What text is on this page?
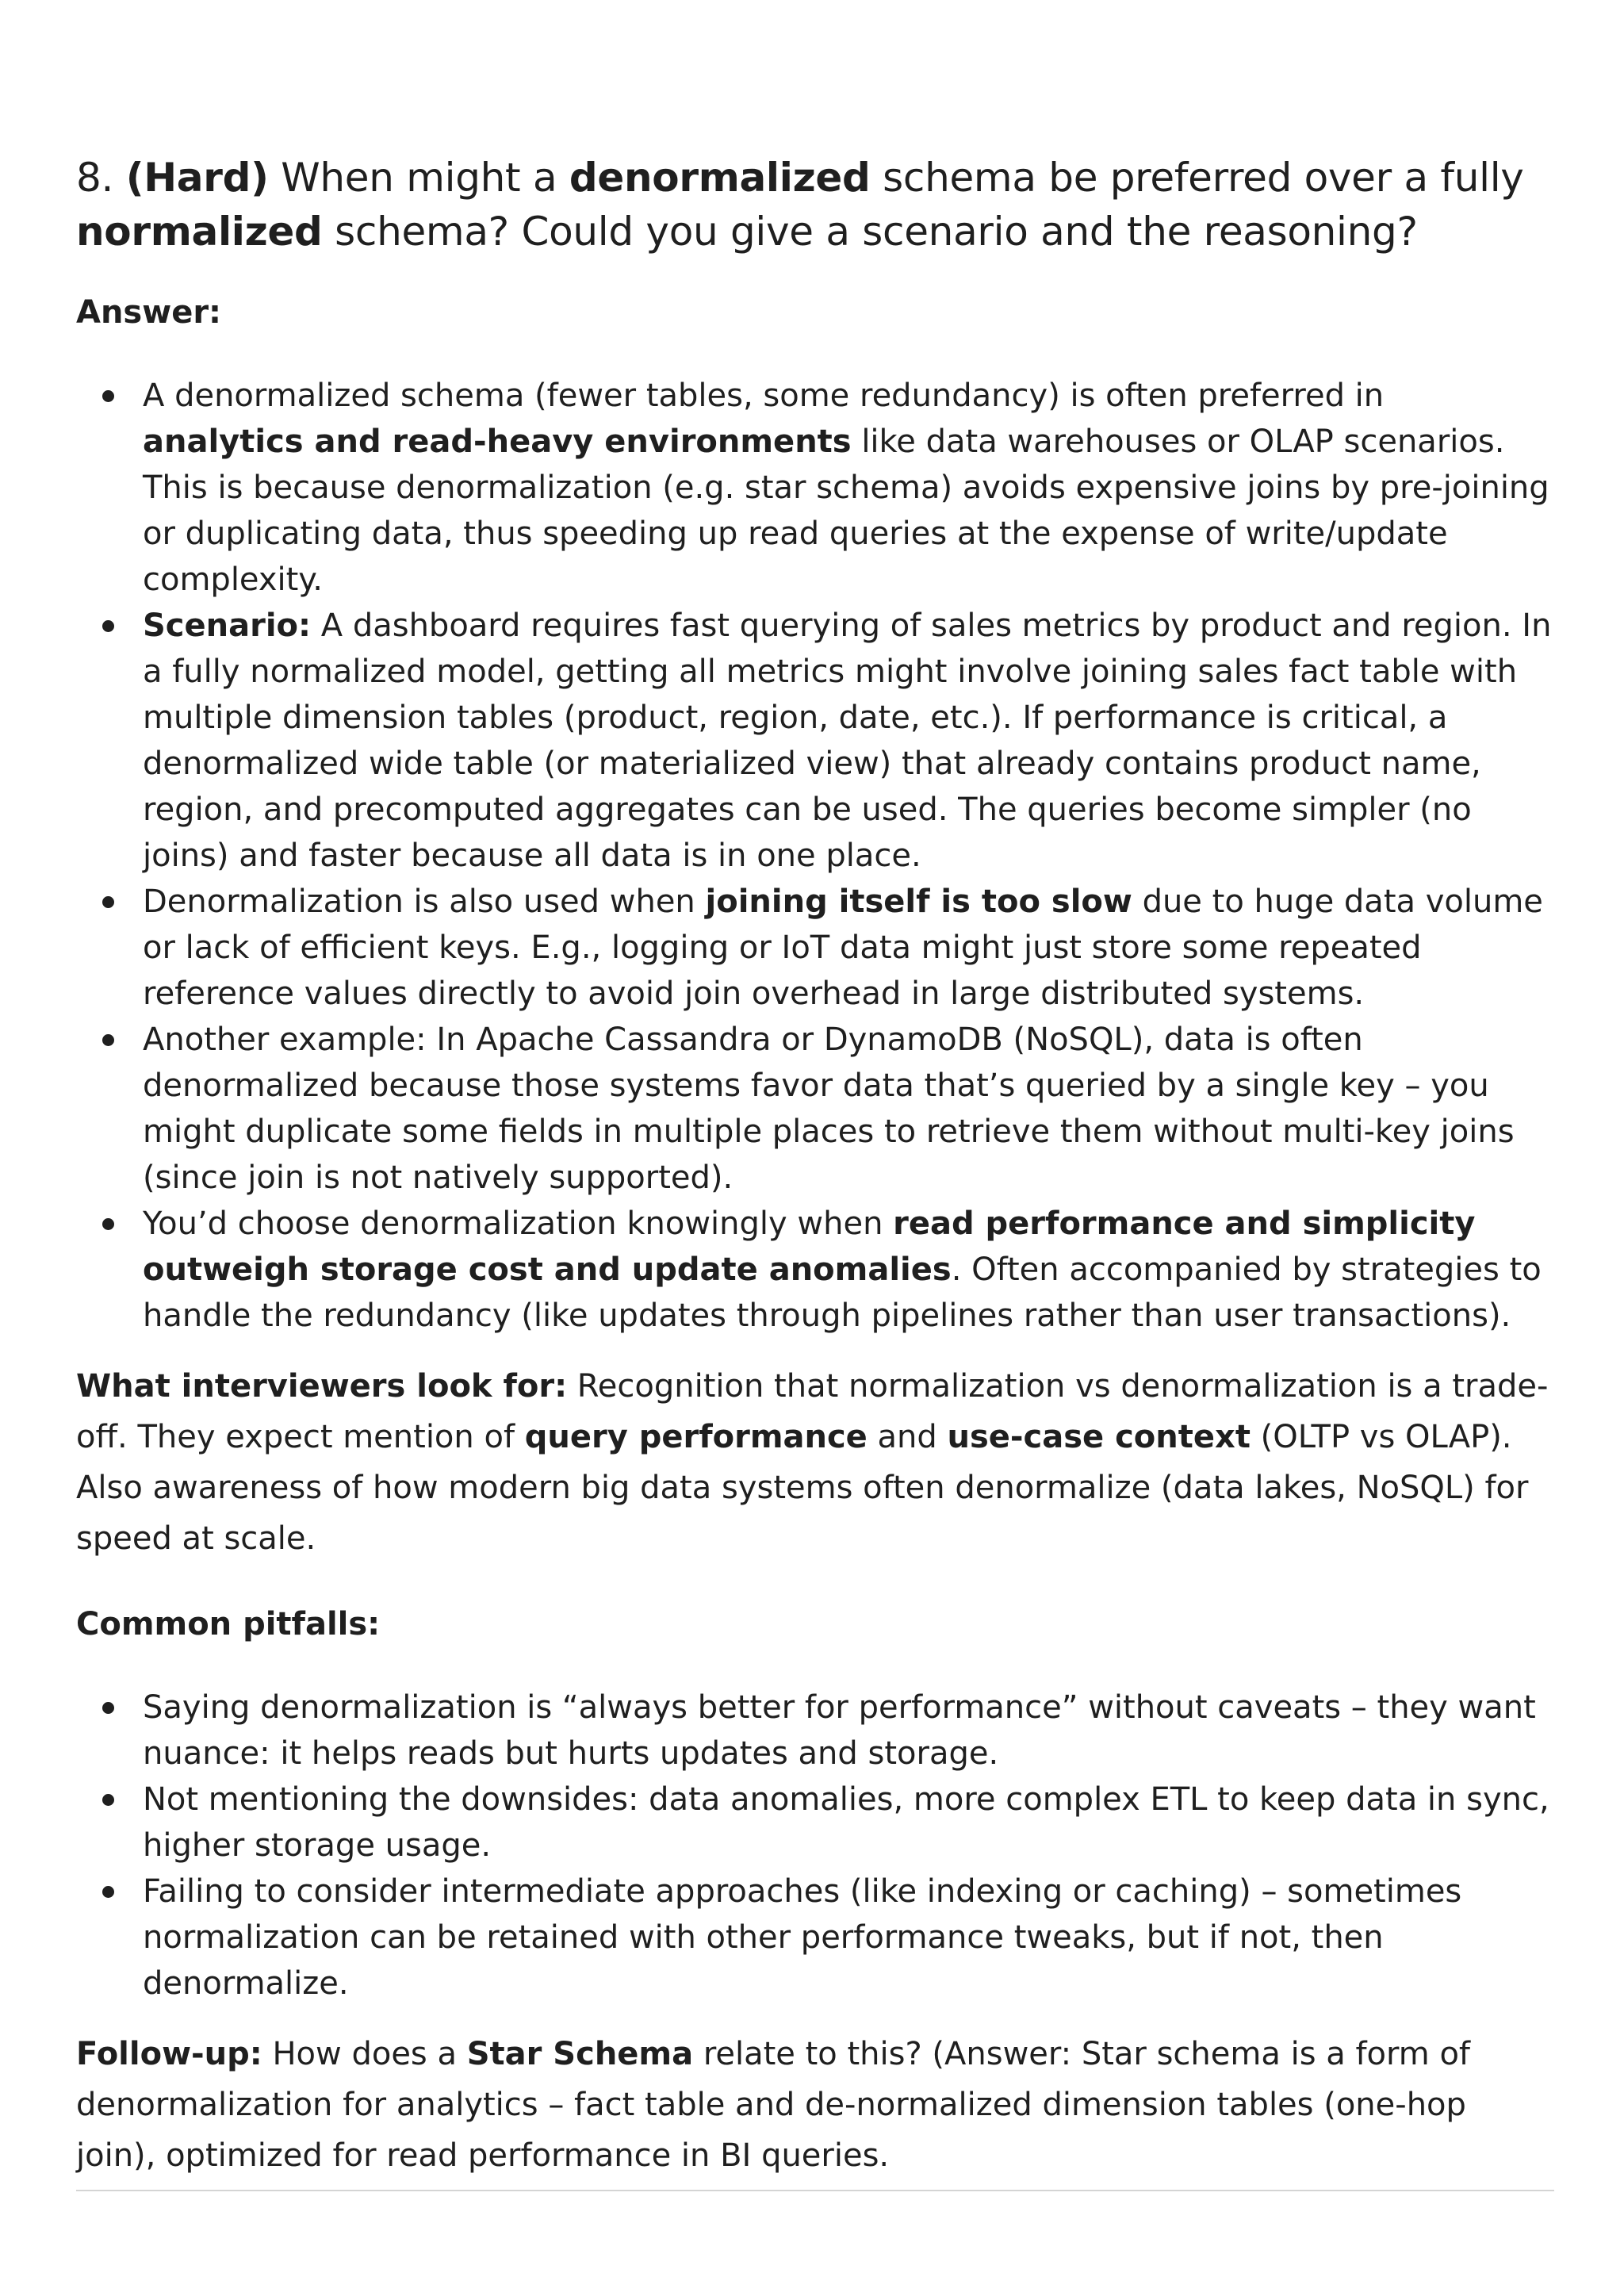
8. (Hard) When might a denormalized schema be preferred over a fully normalized schema? Could you give a scenario and the reasoning?
Answer:
A denormalized schema (fewer tables, some redundancy) is often preferred in analytics and read-heavy environments like data warehouses or OLAP scenarios. This is because denormalization (e.g. star schema) avoids expensive joins by pre-joining or duplicating data, thus speeding up read queries at the expense of write/update complexity.
Scenario: A dashboard requires fast querying of sales metrics by product and region. In a fully normalized model, getting all metrics might involve joining sales fact table with multiple dimension tables (product, region, date, etc.). If performance is critical, a denormalized wide table (or materialized view) that already contains product name, region, and precomputed aggregates can be used. The queries become simpler (no joins) and faster because all data is in one place.
Denormalization is also used when joining itself is too slow due to huge data volume or lack of efficient keys. E.g., logging or IoT data might just store some repeated reference values directly to avoid join overhead in large distributed systems.
Another example: In Apache Cassandra or DynamoDB (NoSQL), data is often denormalized because those systems favor data that’s queried by a single key – you might duplicate some fields in multiple places to retrieve them without multi-key joins (since join is not natively supported).
You’d choose denormalization knowingly when read performance and simplicity outweigh storage cost and update anomalies. Often accompanied by strategies to handle the redundancy (like updates through pipelines rather than user transactions).

What interviewers look for: Recognition that normalization vs denormalization is a trade-off. They expect mention of query performance and use-case context (OLTP vs OLAP). Also awareness of how modern big data systems often denormalize (data lakes, NoSQL) for speed at scale.

Common pitfalls:
Saying denormalization is “always better for performance” without caveats – they want nuance: it helps reads but hurts updates and storage.
Not mentioning the downsides: data anomalies, more complex ETL to keep data in sync, higher storage usage.
Failing to consider intermediate approaches (like indexing or caching) – sometimes normalization can be retained with other performance tweaks, but if not, then denormalize.

Follow-up: How does a Star Schema relate to this? (Answer: Star schema is a form of denormalization for analytics – fact table and de-normalized dimension tables (one-hop join), optimized for read performance in BI queries.
